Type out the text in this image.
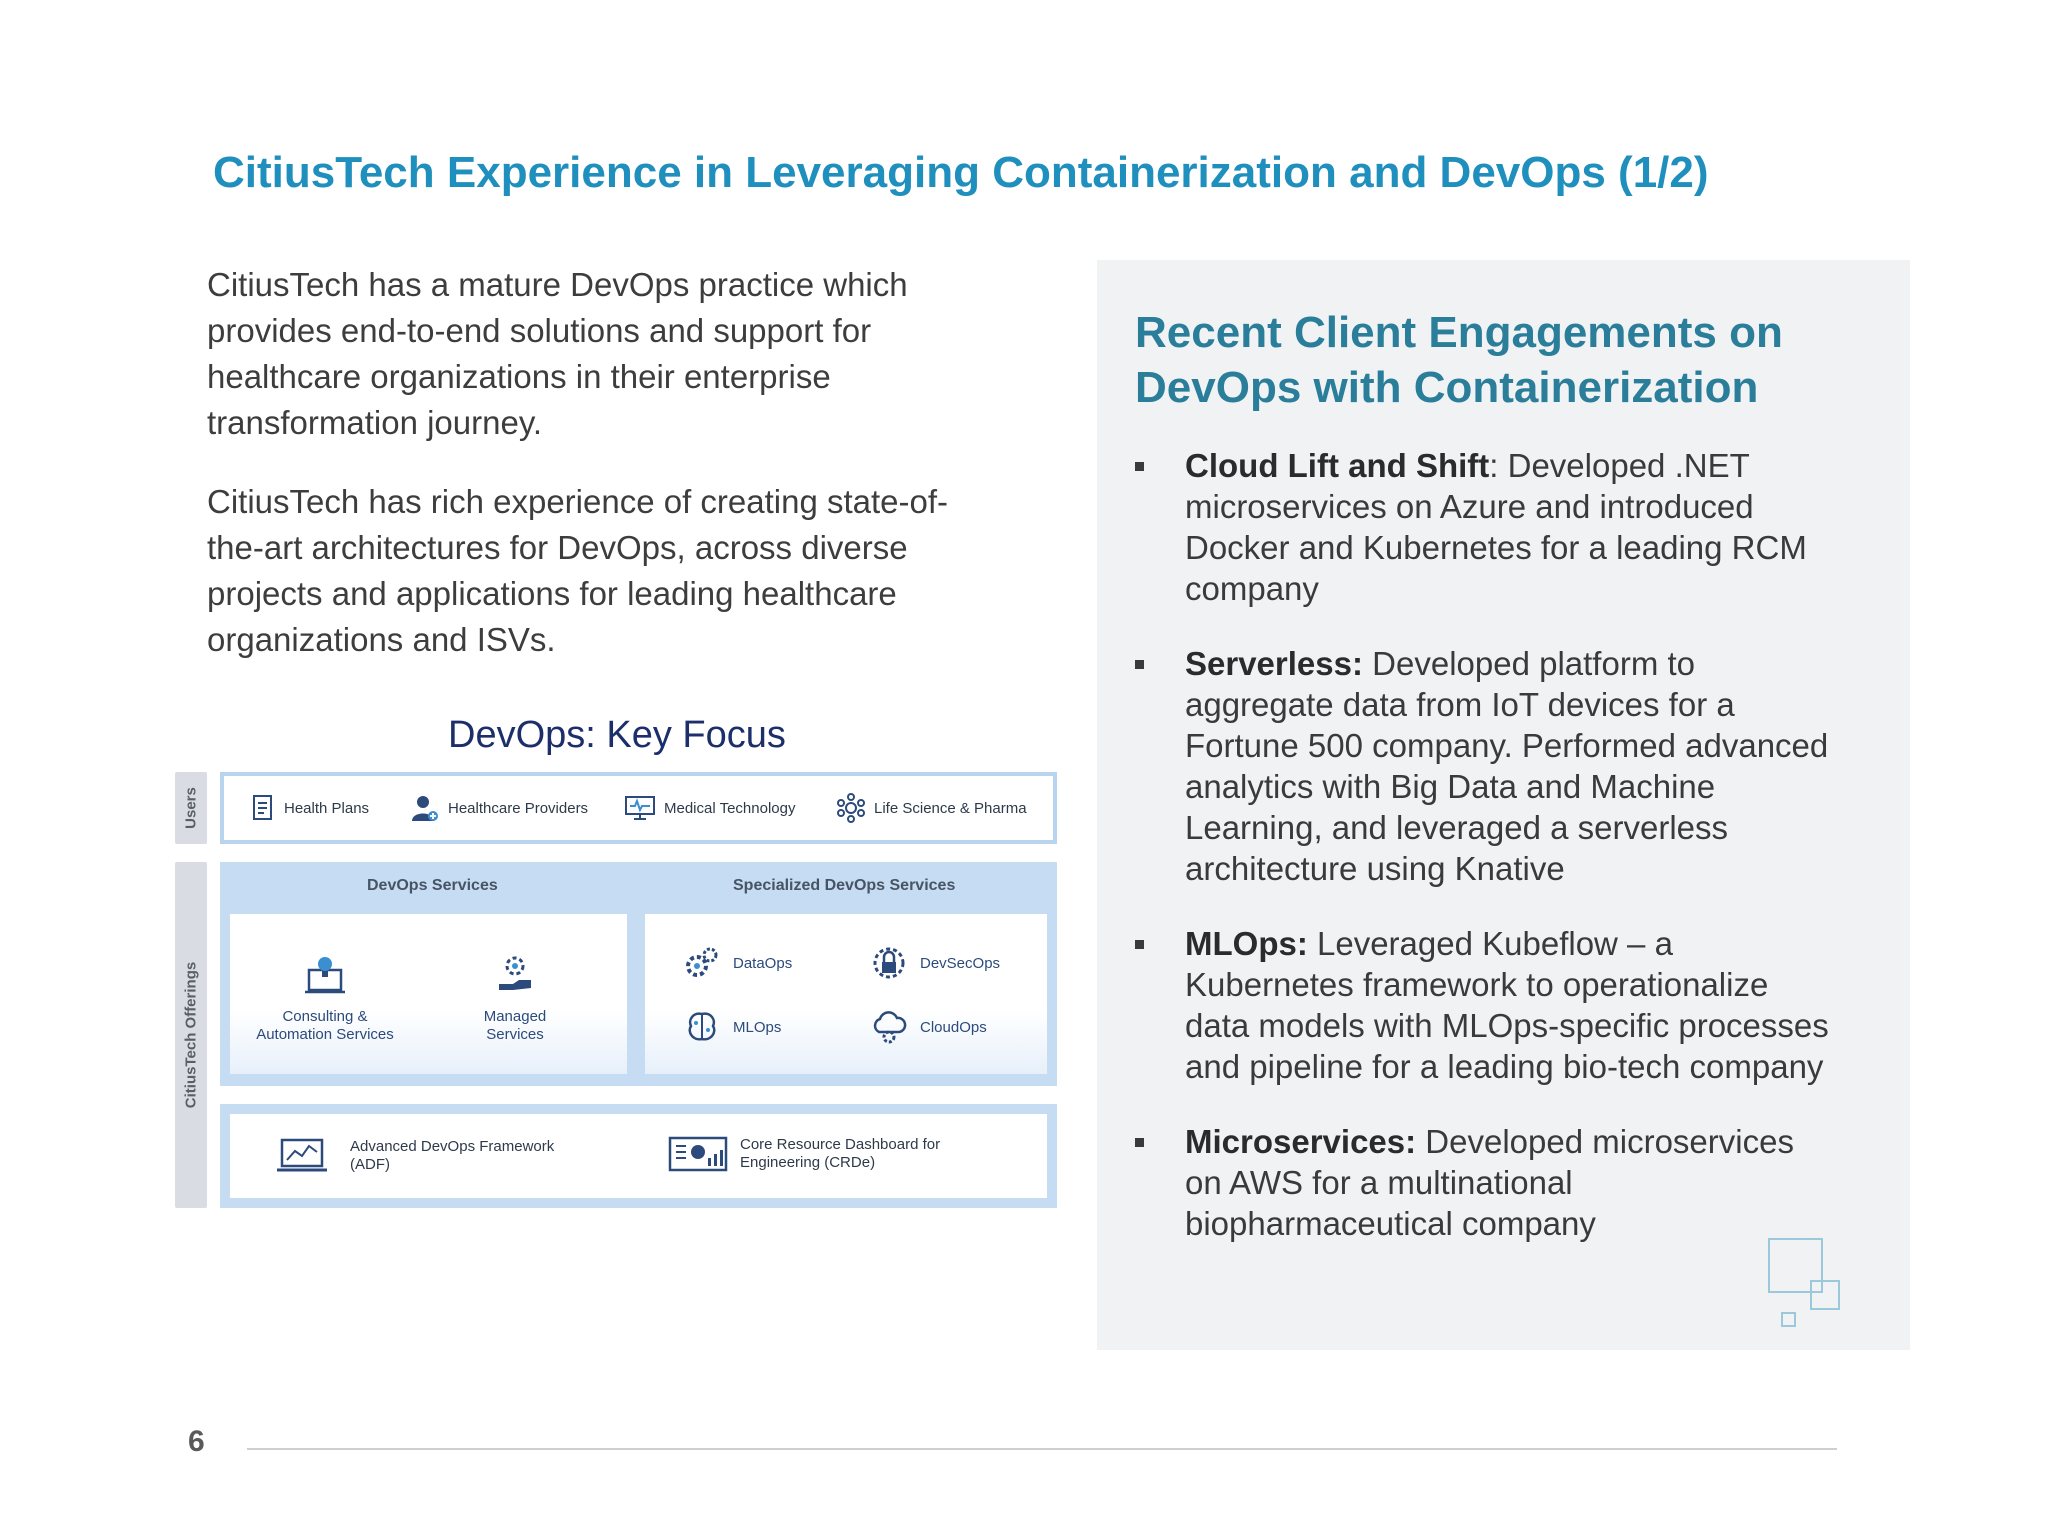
CitiusTech Experience in Leveraging Containerization and DevOps (1/2)
CitiusTech has a mature DevOps practice which provides end-to-end solutions and support for healthcare organizations in their enterprise transformation journey.
CitiusTech has rich experience of creating state-of-the-art architectures for DevOps, across diverse projects and applications for leading healthcare organizations and ISVs.
DevOps: Key Focus
Users
CitiusTech Offerings
Health Plans	Healthcare Providers	Medical Technology	Life Science & Pharma
DevOps Services
Consulting &
Automation Services
Managed
Services
Specialized DevOps Services
DataOps	DevSecOps
MLOps	CloudOps
Advanced DevOps Framework
(ADF)
Core Resource Dashboard for
Engineering (CRDe)
Recent Client Engagements on DevOps with Containerization
Cloud Lift and Shift: Developed .NET microservices on Azure and introduced Docker and Kubernetes for a leading RCM company
Serverless: Developed platform to aggregate data from IoT devices for a Fortune 500 company. Performed advanced analytics with Big Data and Machine Learning, and leveraged a serverless architecture using Knative
MLOps: Leveraged Kubeflow – a Kubernetes framework to operationalize data models with MLOps-specific processes and pipeline for a leading bio-tech company
Microservices: Developed microservices on AWS for a multinational biopharmaceutical company
6
